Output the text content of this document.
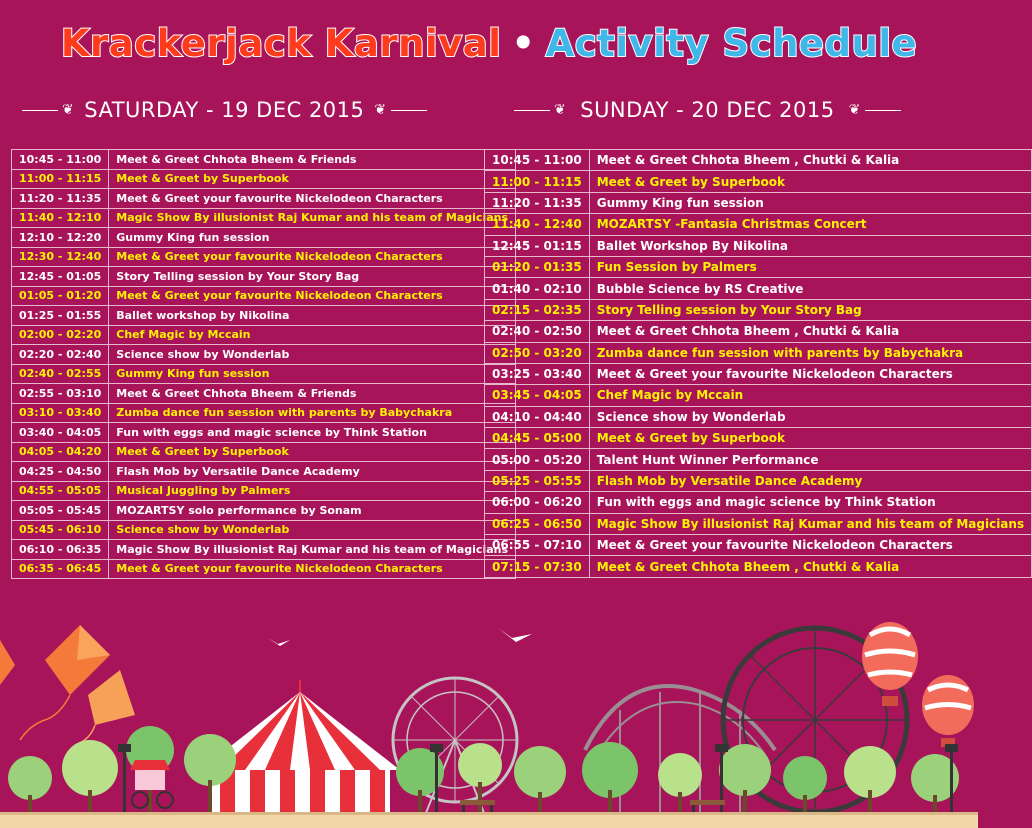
Krackerjack Karnival • Activity Schedule
❦ SATURDAY - 19 DEC 2015 ❦	❦ SUNDAY - 20 DEC 2015 ❦
10:45 - 11:00	Meet & Greet Chhota Bheem & Friends
11:00 - 11:15	Meet & Greet by Superbook
11:20 - 11:35	Meet & Greet your favourite Nickelodeon Characters
11:40 - 12:10	Magic Show By illusionist Raj Kumar and his team of Magicians
12:10 - 12:20	Gummy King fun session
12:30 - 12:40	Meet & Greet your favourite Nickelodeon Characters
12:45 - 01:05	Story Telling session by Your Story Bag
01:05 - 01:20	Meet & Greet your favourite Nickelodeon Characters
01:25 - 01:55	Ballet workshop by Nikolina
02:00 - 02:20	Chef Magic by Mccain
02:20 - 02:40	Science show by Wonderlab
02:40 - 02:55	Gummy King fun session
02:55 - 03:10	Meet & Greet Chhota Bheem & Friends
03:10 - 03:40	Zumba dance fun session with parents by Babychakra
03:40 - 04:05	Fun with eggs and magic science by Think Station
04:05 - 04:20	Meet & Greet by Superbook
04:25 - 04:50	Flash Mob by Versatile Dance Academy
04:55 - 05:05	Musical Juggling by Palmers
05:05 - 05:45	MOZARTSY solo performance by Sonam
05:45 - 06:10	Science show by Wonderlab
06:10 - 06:35	Magic Show By illusionist Raj Kumar and his team of Magicians
06:35 - 06:45	Meet & Greet your favourite Nickelodeon Characters
10:45 - 11:00	Meet & Greet Chhota Bheem , Chutki & Kalia
11:00 - 11:15	Meet & Greet by Superbook
11:20 - 11:35	Gummy King fun session
11:40 - 12:40	MOZARTSY -Fantasia Christmas Concert
12:45 - 01:15	Ballet Workshop By Nikolina
01:20 - 01:35	Fun Session by Palmers
01:40 - 02:10	Bubble Science by RS Creative
02:15 - 02:35	Story Telling session by Your Story Bag
02:40 - 02:50	Meet & Greet Chhota Bheem , Chutki & Kalia
02:50 - 03:20	Zumba dance fun session with parents by Babychakra
03:25 - 03:40	Meet & Greet your favourite Nickelodeon Characters
03:45 - 04:05	Chef Magic by Mccain
04:10 - 04:40	Science show by Wonderlab
04:45 - 05:00	Meet & Greet by Superbook
05:00 - 05:20	Talent Hunt Winner Performance
05:25 - 05:55	Flash Mob by Versatile Dance Academy
06:00 - 06:20	Fun with eggs and magic science by Think Station
06:25 - 06:50	Magic Show By illusionist Raj Kumar and his team of Magicians
06:55 - 07:10	Meet & Greet your favourite Nickelodeon Characters
07:15 - 07:30	Meet & Greet Chhota Bheem , Chutki & Kalia
